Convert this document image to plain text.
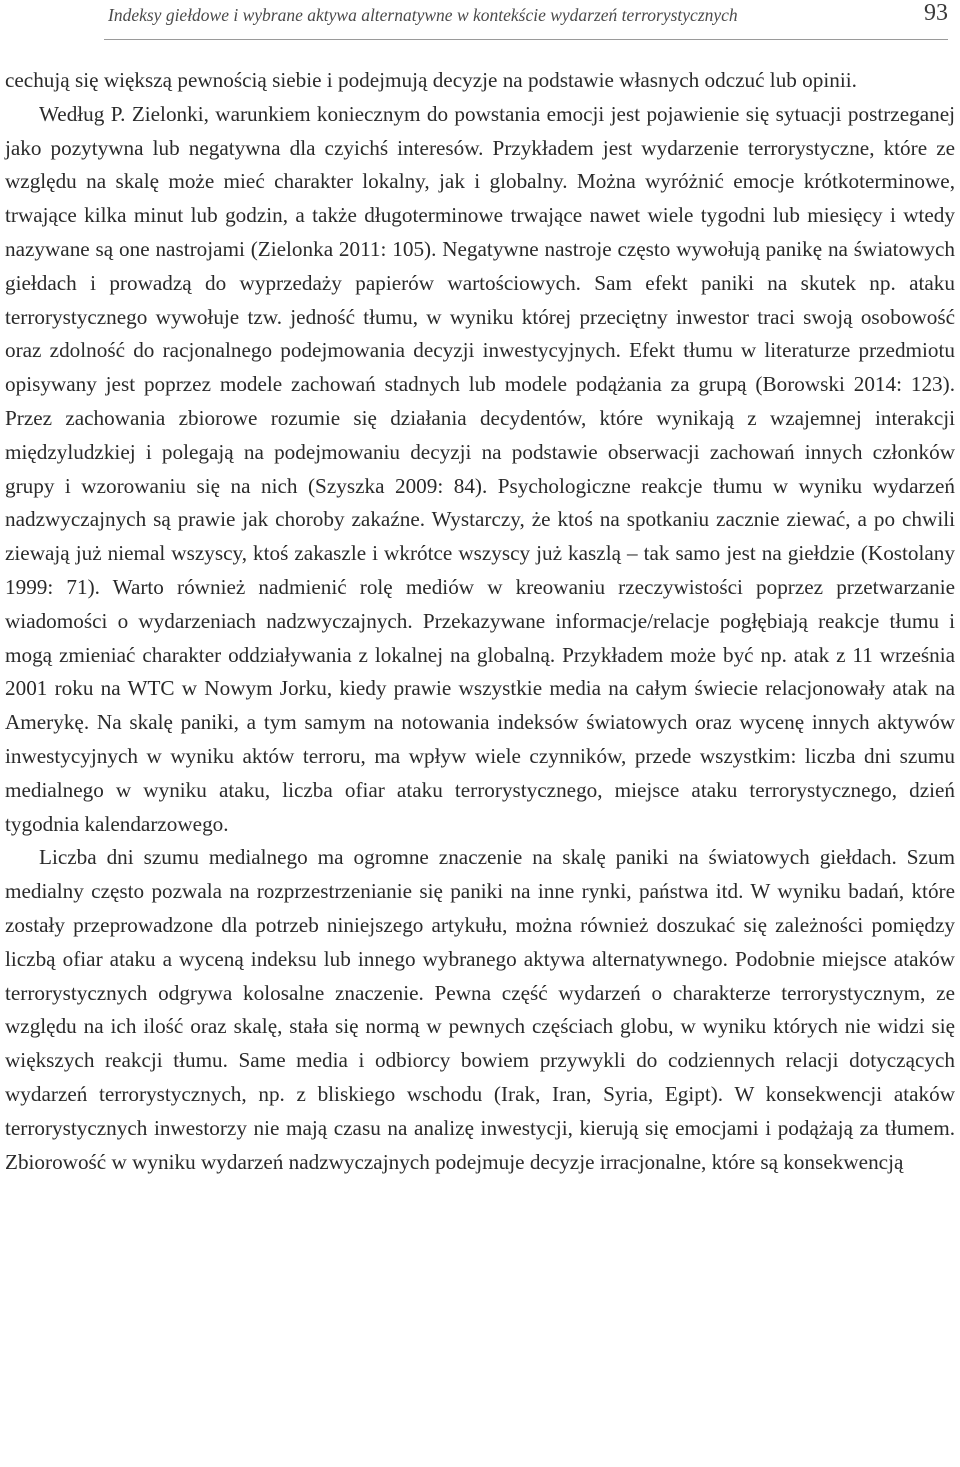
Indeksy giełdowe i wybrane aktywa alternatywne w kontekście wydarzeń terrorystycznych	93

cechują się większą pewnością siebie i podejmują decyzje na podstawie własnych odczuć lub opinii.

Według P. Zielonki, warunkiem koniecznym do powstania emocji jest pojawienie się sytuacji postrzeganej jako pozytywna lub negatywna dla czyichś interesów. Przykładem jest wydarzenie terrorystyczne, które ze względu na skalę może mieć charakter lokalny, jak i globalny. Można wyróżnić emocje krótkoterminowe, trwające kilka minut lub godzin, a także długoterminowe trwające nawet wiele tygodni lub miesięcy i wtedy nazywane są one nastrojami (Zielonka 2011: 105). Negatywne nastroje często wywołują panikę na światowych giełdach i prowadzą do wyprzedaży papierów wartościowych. Sam efekt paniki na skutek np. ataku terrorystycznego wywołuje tzw. jedność tłumu, w wyniku której przeciętny inwestor traci swoją osobowość oraz zdolność do racjonalnego podejmowania decyzji inwestycyjnych. Efekt tłumu w literaturze przedmiotu opisywany jest poprzez modele zachowań stadnych lub modele podążania za grupą (Borowski 2014: 123). Przez zachowania zbiorowe rozumie się działania decydentów, które wynikają z wzajemnej interakcji międzyludzkiej i polegają na podejmowaniu decyzji na podstawie obserwacji zachowań innych członków grupy i wzorowaniu się na nich (Szyszka 2009: 84). Psychologiczne reakcje tłumu w wyniku wydarzeń nadzwyczajnych są prawie jak choroby zakaźne. Wystarczy, że ktoś na spotkaniu zacznie ziewać, a po chwili ziewają już niemal wszyscy, ktoś zakaszle i wkrótce wszyscy już kaszlą – tak samo jest na giełdzie (Kostolany 1999: 71). Warto również nadmienić rolę mediów w kreowaniu rzeczywistości poprzez przetwarzanie wiadomości o wydarzeniach nadzwyczajnych. Przekazywane informacje/relacje pogłębiają reakcje tłumu i mogą zmieniać charakter oddziaływania z lokalnej na globalną. Przykładem może być np. atak z 11 września 2001 roku na WTC w Nowym Jorku, kiedy prawie wszystkie media na całym świecie relacjonowały atak na Amerykę. Na skalę paniki, a tym samym na notowania indeksów światowych oraz wycenę innych aktywów inwestycyjnych w wyniku aktów terroru, ma wpływ wiele czynników, przede wszystkim: liczba dni szumu medialnego w wyniku ataku, liczba ofiar ataku terrorystycznego, miejsce ataku terrorystycznego, dzień tygodnia kalendarzowego.

Liczba dni szumu medialnego ma ogromne znaczenie na skalę paniki na światowych giełdach. Szum medialny często pozwala na rozprzestrzenianie się paniki na inne rynki, państwa itd. W wyniku badań, które zostały przeprowadzone dla potrzeb niniejszego artykułu, można również doszukać się zależności pomiędzy liczbą ofiar ataku a wyceną indeksu lub innego wybranego aktywa alternatywnego. Podobnie miejsce ataków terrorystycznych odgrywa kolosalne znaczenie. Pewna część wydarzeń o charakterze terrorystycznym, ze względu na ich ilość oraz skalę, stała się normą w pewnych częściach globu, w wyniku których nie widzi się większych reakcji tłumu. Same media i odbiorcy bowiem przywykli do codziennych relacji dotyczących wydarzeń terrorystycznych, np. z bliskiego wschodu (Irak, Iran, Syria, Egipt). W konsekwencji ataków terrorystycznych inwestorzy nie mają czasu na analizę inwestycji, kierują się emocjami i podążają za tłumem. Zbiorowość w wyniku wydarzeń nadzwyczajnych podejmuje decyzje irracjonalne, które są konsekwencją
